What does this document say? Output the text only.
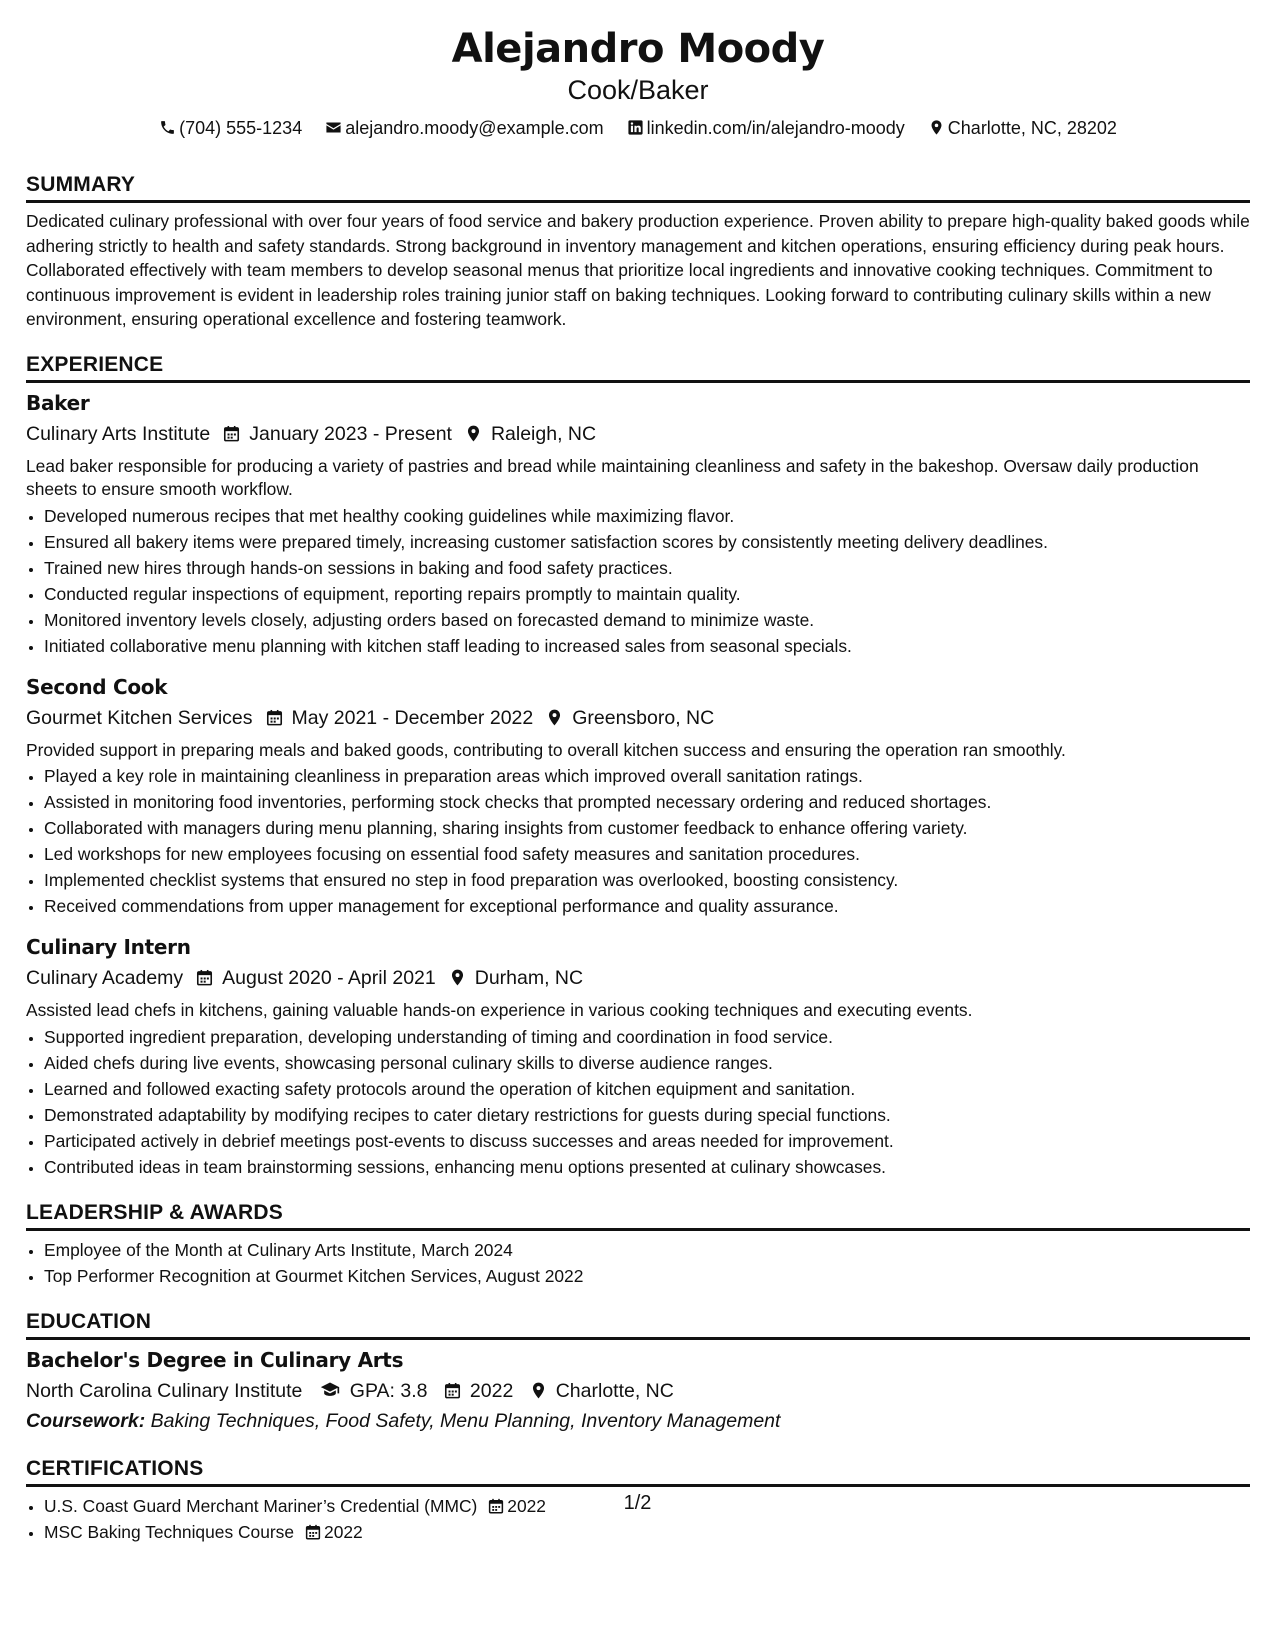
Alejandro Moody
Cook/Baker
(704) 555-1234 alejandro.moody@example.com linkedin.com/in/alejandro-moody Charlotte, NC, 28202
SUMMARY
Dedicated culinary professional with over four years of food service and bakery production experience. Proven ability to prepare high-quality baked goods while adhering strictly to health and safety standards. Strong background in inventory management and kitchen operations, ensuring efficiency during peak hours. Collaborated effectively with team members to develop seasonal menus that prioritize local ingredients and innovative cooking techniques. Commitment to continuous improvement is evident in leadership roles training junior staff on baking techniques. Looking forward to contributing culinary skills within a new environment, ensuring operational excellence and fostering teamwork.
EXPERIENCE
Baker
Culinary Arts Institute January 2023 - Present Raleigh, NC
Lead baker responsible for producing a variety of pastries and bread while maintaining cleanliness and safety in the bakeshop. Oversaw daily production sheets to ensure smooth workflow.
• Developed numerous recipes that met healthy cooking guidelines while maximizing flavor.
• Ensured all bakery items were prepared timely, increasing customer satisfaction scores by consistently meeting delivery deadlines.
• Trained new hires through hands-on sessions in baking and food safety practices.
• Conducted regular inspections of equipment, reporting repairs promptly to maintain quality.
• Monitored inventory levels closely, adjusting orders based on forecasted demand to minimize waste.
• Initiated collaborative menu planning with kitchen staff leading to increased sales from seasonal specials.
Second Cook
Gourmet Kitchen Services May 2021 - December 2022 Greensboro, NC
Provided support in preparing meals and baked goods, contributing to overall kitchen success and ensuring the operation ran smoothly.
• Played a key role in maintaining cleanliness in preparation areas which improved overall sanitation ratings.
• Assisted in monitoring food inventories, performing stock checks that prompted necessary ordering and reduced shortages.
• Collaborated with managers during menu planning, sharing insights from customer feedback to enhance offering variety.
• Led workshops for new employees focusing on essential food safety measures and sanitation procedures.
• Implemented checklist systems that ensured no step in food preparation was overlooked, boosting consistency.
• Received commendations from upper management for exceptional performance and quality assurance.
Culinary Intern
Culinary Academy August 2020 - April 2021 Durham, NC
Assisted lead chefs in kitchens, gaining valuable hands-on experience in various cooking techniques and executing events.
• Supported ingredient preparation, developing understanding of timing and coordination in food service.
• Aided chefs during live events, showcasing personal culinary skills to diverse audience ranges.
• Learned and followed exacting safety protocols around the operation of kitchen equipment and sanitation.
• Demonstrated adaptability by modifying recipes to cater dietary restrictions for guests during special functions.
• Participated actively in debrief meetings post-events to discuss successes and areas needed for improvement.
• Contributed ideas in team brainstorming sessions, enhancing menu options presented at culinary showcases.
LEADERSHIP & AWARDS
• Employee of the Month at Culinary Arts Institute, March 2024
• Top Performer Recognition at Gourmet Kitchen Services, August 2022
EDUCATION
Bachelor's Degree in Culinary Arts
North Carolina Culinary Institute GPA: 3.8 2022 Charlotte, NC
Coursework: Baking Techniques, Food Safety, Menu Planning, Inventory Management
CERTIFICATIONS
• U.S. Coast Guard Merchant Mariner’s Credential (MMC) 2022
• MSC Baking Techniques Course 2022
1/2
